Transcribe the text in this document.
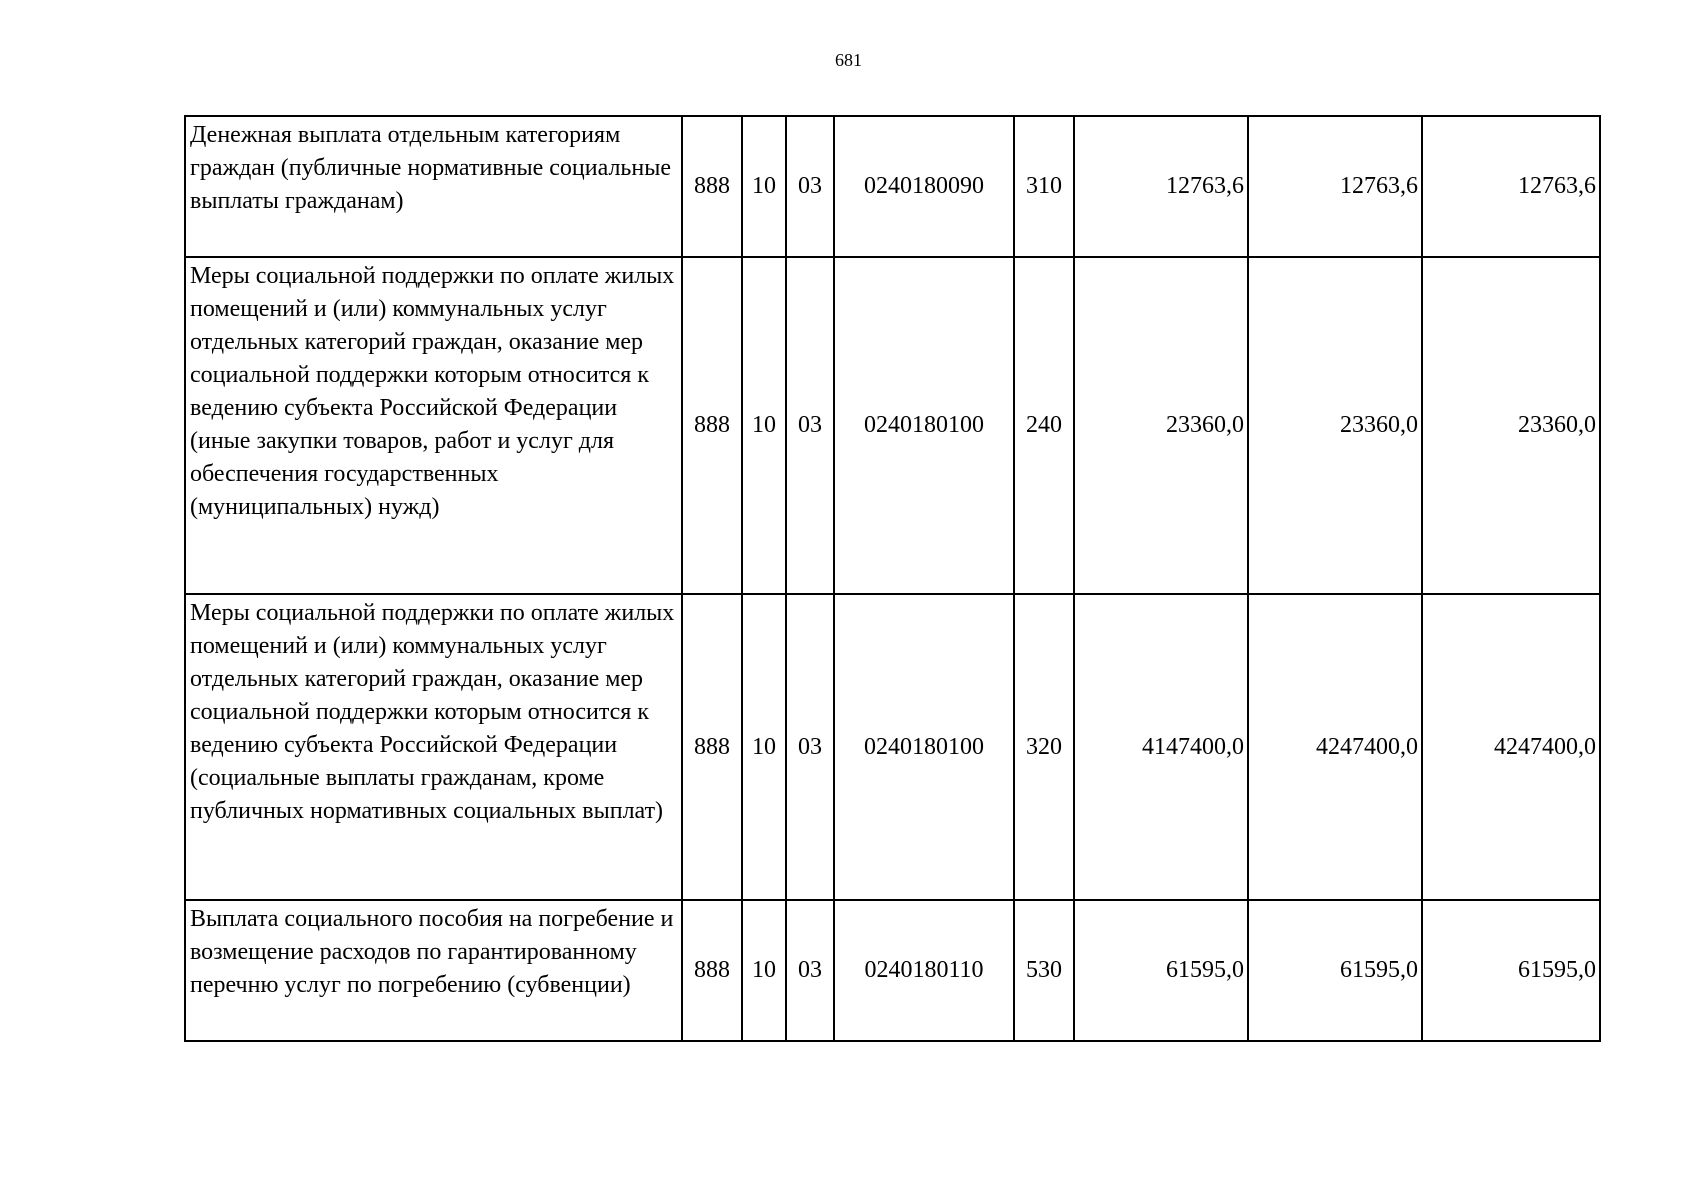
681
Денежная выплата отдельным категориям граждан (публичные нормативные социальные выплаты гражданам)	888	10	03	0240180090	310	12763,6	12763,6	12763,6
Меры социальной поддержки по оплате жилых помещений и (или) коммунальных услуг отдельных категорий граждан, оказание мер социальной поддержки которым относится к ведению субъекта Российской Федерации (иные закупки товаров, работ и услуг для обеспечения государственных (муниципальных) нужд)	888	10	03	0240180100	240	23360,0	23360,0	23360,0
Меры социальной поддержки по оплате жилых помещений и (или) коммунальных услуг отдельных категорий граждан, оказание мер социальной поддержки которым относится к ведению субъекта Российской Федерации (социальные выплаты гражданам, кроме публичных нормативных социальных выплат)	888	10	03	0240180100	320	4147400,0	4247400,0	4247400,0
Выплата социального пособия на погребение и возмещение расходов по гарантированному перечню услуг по погребению (субвенции)	888	10	03	0240180110	530	61595,0	61595,0	61595,0
